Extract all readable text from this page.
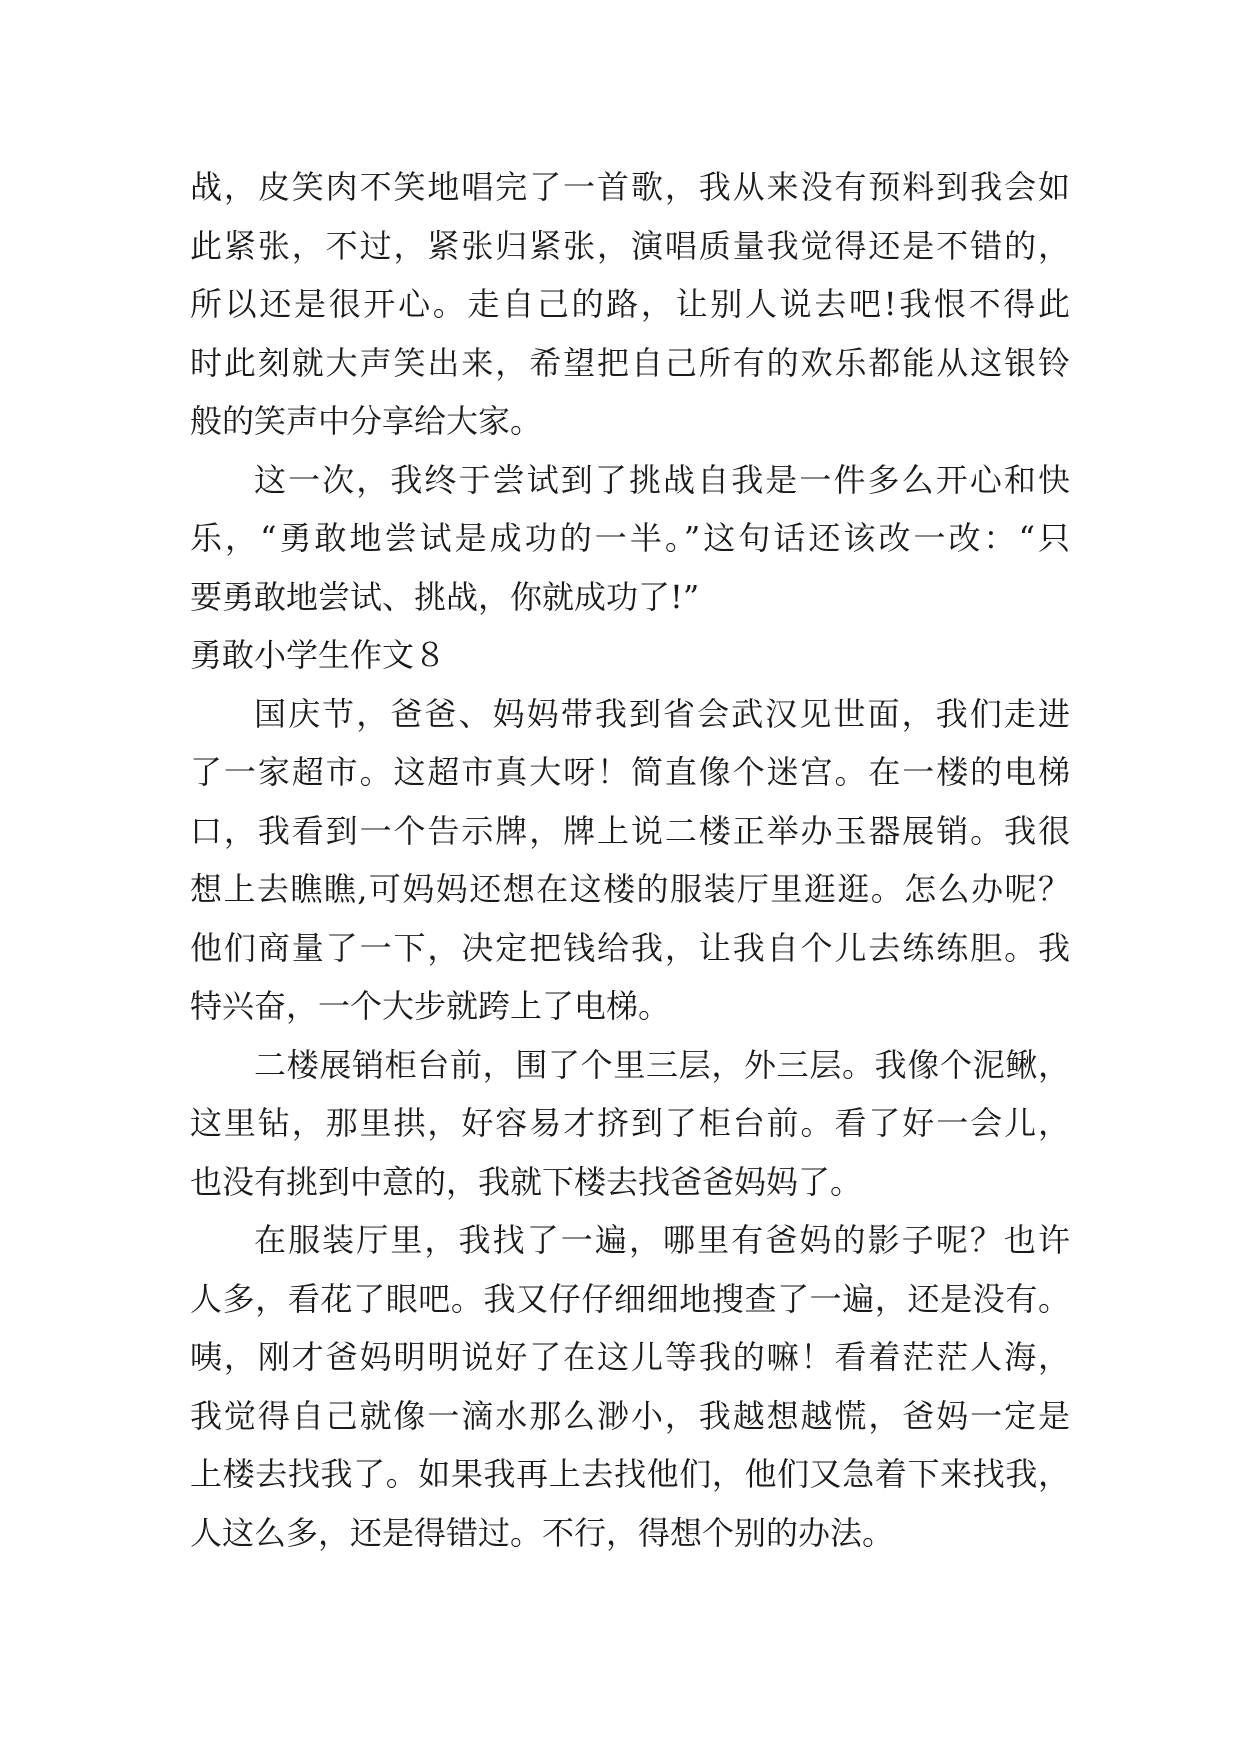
战，皮笑肉不笑地唱完了一首歌，我从来没有预料到我会如
此紧张，不过，紧张归紧张，演唱质量我觉得还是不错的，
所以还是很开心。走自己的路，让别人说去吧!我恨不得此
时此刻就大声笑出来，希望把自己所有的欢乐都能从这银铃
般的笑声中分享给大家。
这一次，我终于尝试到了挑战自我是一件多么开心和快
乐，“勇敢地尝试是成功的一半。”这句话还该改一改：“只
要勇敢地尝试、挑战，你就成功了!”
勇敢小学生作文８
国庆节，爸爸、妈妈带我到省会武汉见世面，我们走进
了一家超市。这超市真大呀！简直像个迷宫。在一楼的电梯
口，我看到一个告示牌，牌上说二楼正举办玉器展销。我很
想上去瞧瞧,可妈妈还想在这楼的服装厅里逛逛。怎么办呢？
他们商量了一下，决定把钱给我，让我自个儿去练练胆。我
特兴奋，一个大步就跨上了电梯。
二楼展销柜台前，围了个里三层，外三层。我像个泥鳅，
这里钻，那里拱，好容易才挤到了柜台前。看了好一会儿，
也没有挑到中意的，我就下楼去找爸爸妈妈了。
在服装厅里，我找了一遍，哪里有爸妈的影子呢？也许
人多，看花了眼吧。我又仔仔细细地搜查了一遍，还是没有。
咦，刚才爸妈明明说好了在这儿等我的嘛！看着茫茫人海，
我觉得自己就像一滴水那么渺小，我越想越慌，爸妈一定是
上楼去找我了。如果我再上去找他们，他们又急着下来找我，
人这么多，还是得错过。不行，得想个别的办法。
